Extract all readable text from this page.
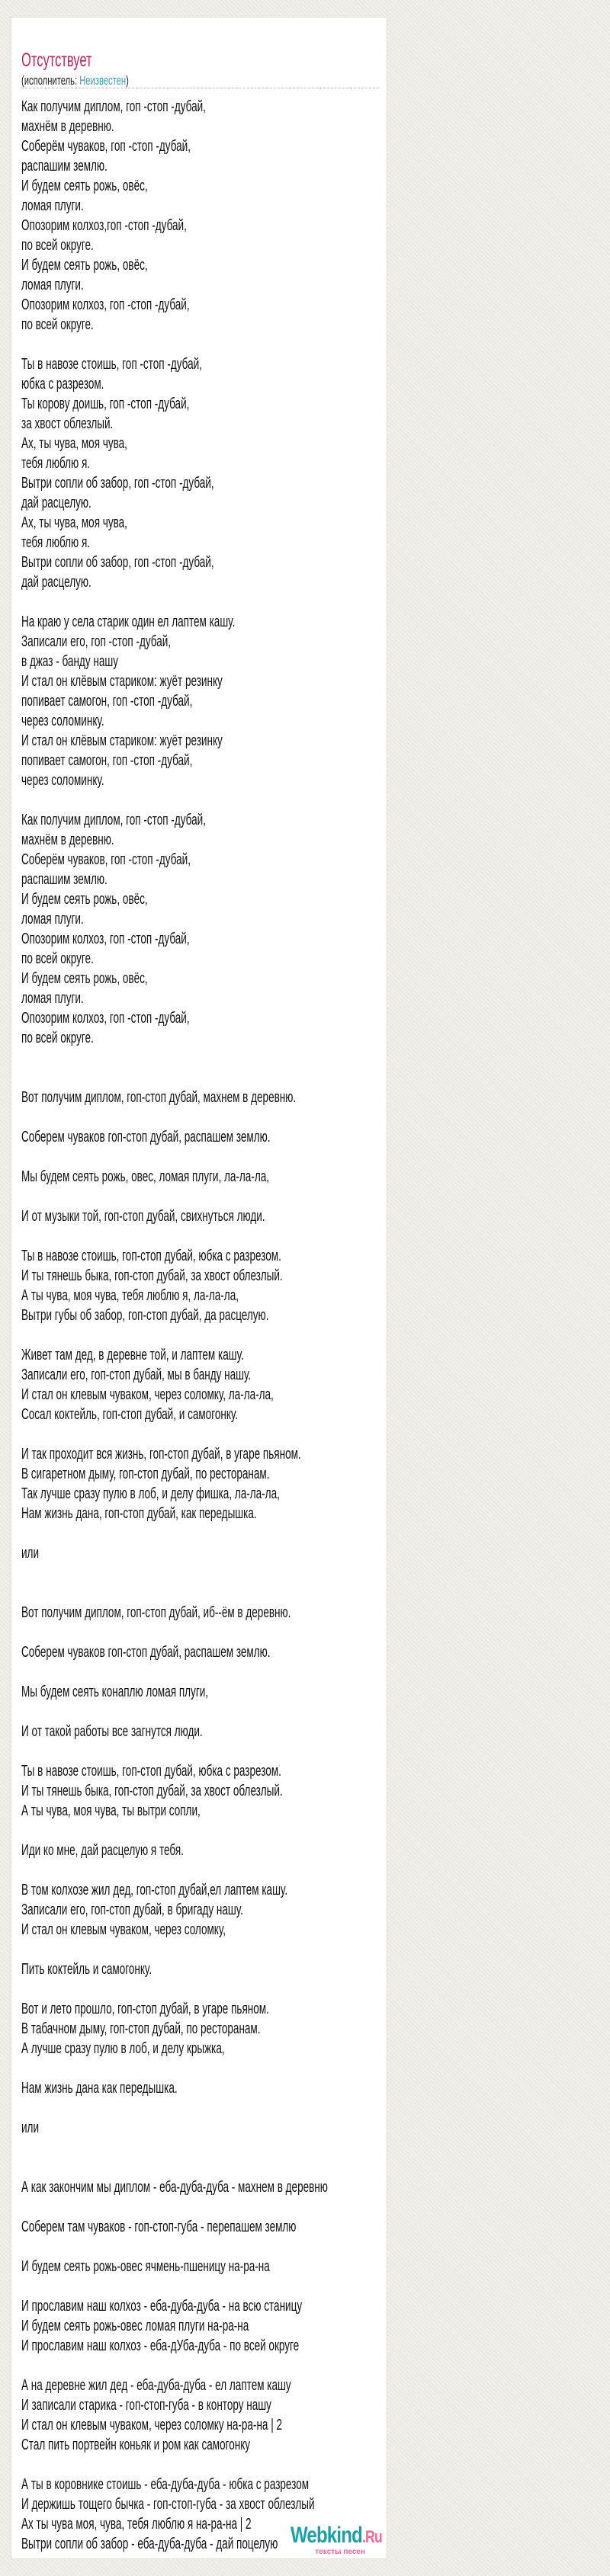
Отсутствует
(исполнитель: Неизвестен)
Как получим диплом, гоп -стоп -дубай,
махнём в деревню.
Соберём чуваков, гоп -стоп -дубай,
распашим землю.
И будем сеять рожь, овёс,
ломая плуги.
Опозорим колхоз,гоп -стоп -дубай,
по всей округе.
И будем сеять рожь, овёс,
ломая плуги.
Опозорим колхоз, гоп -стоп -дубай,
по всей округе.
Ты в навозе стоишь, гоп -стоп -дубай,
юбка с разрезом.
Ты корову доишь, гоп -стоп -дубай,
за хвост облезлый.
Ах, ты чува, моя чува,
тебя люблю я.
Вытри сопли об забор, гоп -стоп -дубай,
дай расцелую.
Ах, ты чува, моя чува,
тебя люблю я.
Вытри сопли об забор, гоп -стоп -дубай,
дай расцелую.
На краю у села старик один ел лаптем кашу.
Записали его, гоп -стоп -дубай,
в джаз - банду нашу
И стал он клёвым стариком: жуёт резинку
попивает самогон, гоп -стоп -дубай,
через соломинку.
И стал он клёвым стариком: жуёт резинку
попивает самогон, гоп -стоп -дубай,
через соломинку.
Как получим диплом, гоп -стоп -дубай,
махнём в деревню.
Соберём чуваков, гоп -стоп -дубай,
распашим землю.
И будем сеять рожь, овёс,
ломая плуги.
Опозорим колхоз, гоп -стоп -дубай,
по всей округе.
И будем сеять рожь, овёс,
ломая плуги.
Опозорим колхоз, гоп -стоп -дубай,
по всей округе.
Вот получим диплом, гоп-стоп дубай, махнем в деревню.
Соберем чуваков гоп-стоп дубай, распашем землю.
Мы будем сеять рожь, овес, ломая плуги, ла-ла-ла,
И от музыки той, гоп-стоп дубай, свихнуться люди.
Ты в навозе стоишь, гоп-стоп дубай, юбка с разрезом.
И ты тянешь быка, гоп-стоп дубай, за хвост облезлый.
А ты чува, моя чува, тебя люблю я, ла-ла-ла,
Вытри губы об забор, гоп-стоп дубай, да расцелую.
Живет там дед, в деревне той, и лаптем кашу.
Записали его, гоп-стоп дубай, мы в банду нашу.
И стал он клевым чуваком, через соломку, ла-ла-ла,
Сосал коктейль, гоп-стоп дубай, и самогонку.
И так проходит вся жизнь, гоп-стоп дубай, в угаре пьяном.
В сигаретном дыму, гоп-стоп дубай, по ресторанам.
Так лучше сразу пулю в лоб, и делу фишка, ла-ла-ла,
Нам жизнь дана, гоп-стоп дубай, как передышка.
или
Вот получим диплом, гоп-стоп дубай, иб--ём в деревню.
Соберем чуваков гоп-стоп дубай, распашем землю.
Мы будем сеять конаплю ломая плуги,
И от такой работы все загнутся люди.
Ты в навозе стоишь, гоп-стоп дубай, юбка с разрезом.
И ты тянешь быка, гоп-стоп дубай, за хвост облезлый.
А ты чува, моя чува, ты вытри сопли,
Иди ко мне, дай расцелую я тебя.
В том колхозе жил дед, гоп-стоп дубай,ел лаптем кашу.
Записали его, гоп-стоп дубай, в бригаду нашу.
И стал он клевым чуваком, через соломку,
Пить коктейль и самогонку.
Вот и лето прошло, гоп-стоп дубай, в угаре пьяном.
В табачном дыму, гоп-стоп дубай, по ресторанам.
А лучше сразу пулю в лоб, и делу крыжка,
Нам жизнь дана как передышка.
или
А как закончим мы диплом - еба-дуба-дуба - махнем в деревню
Соберем там чуваков - гоп-стоп-губа - перепашем землю
И будем сеять рожь-овес ячмень-пшеницу на-ра-на
И прославим наш колхоз - еба-дуба-дуба - на всю станицу
И будем сеять рожь-овес ломая плуги на-ра-на
И прославим наш колхоз - еба-дУба-дуба - по всей округе
А на деревне жил дед - еба-дуба-дуба - ел лаптем кашу
И записали старика - гоп-стоп-губа - в контору нашу
И стал он клевым чуваком, через соломку на-ра-на | 2
Стал пить портвейн коньяк и ром как самогонку
А ты в коровнике стоишь - еба-дуба-дуба - юбка с разрезом
И держишь тощего бычка - гоп-стоп-губа - за хвост облезлый
Ах ты чува моя, чува, тебя люблю я на-ра-на | 2
Вытри сопли об забор - еба-дуба-дуба - дай поцелую Webkind.Ru
тексты песен
